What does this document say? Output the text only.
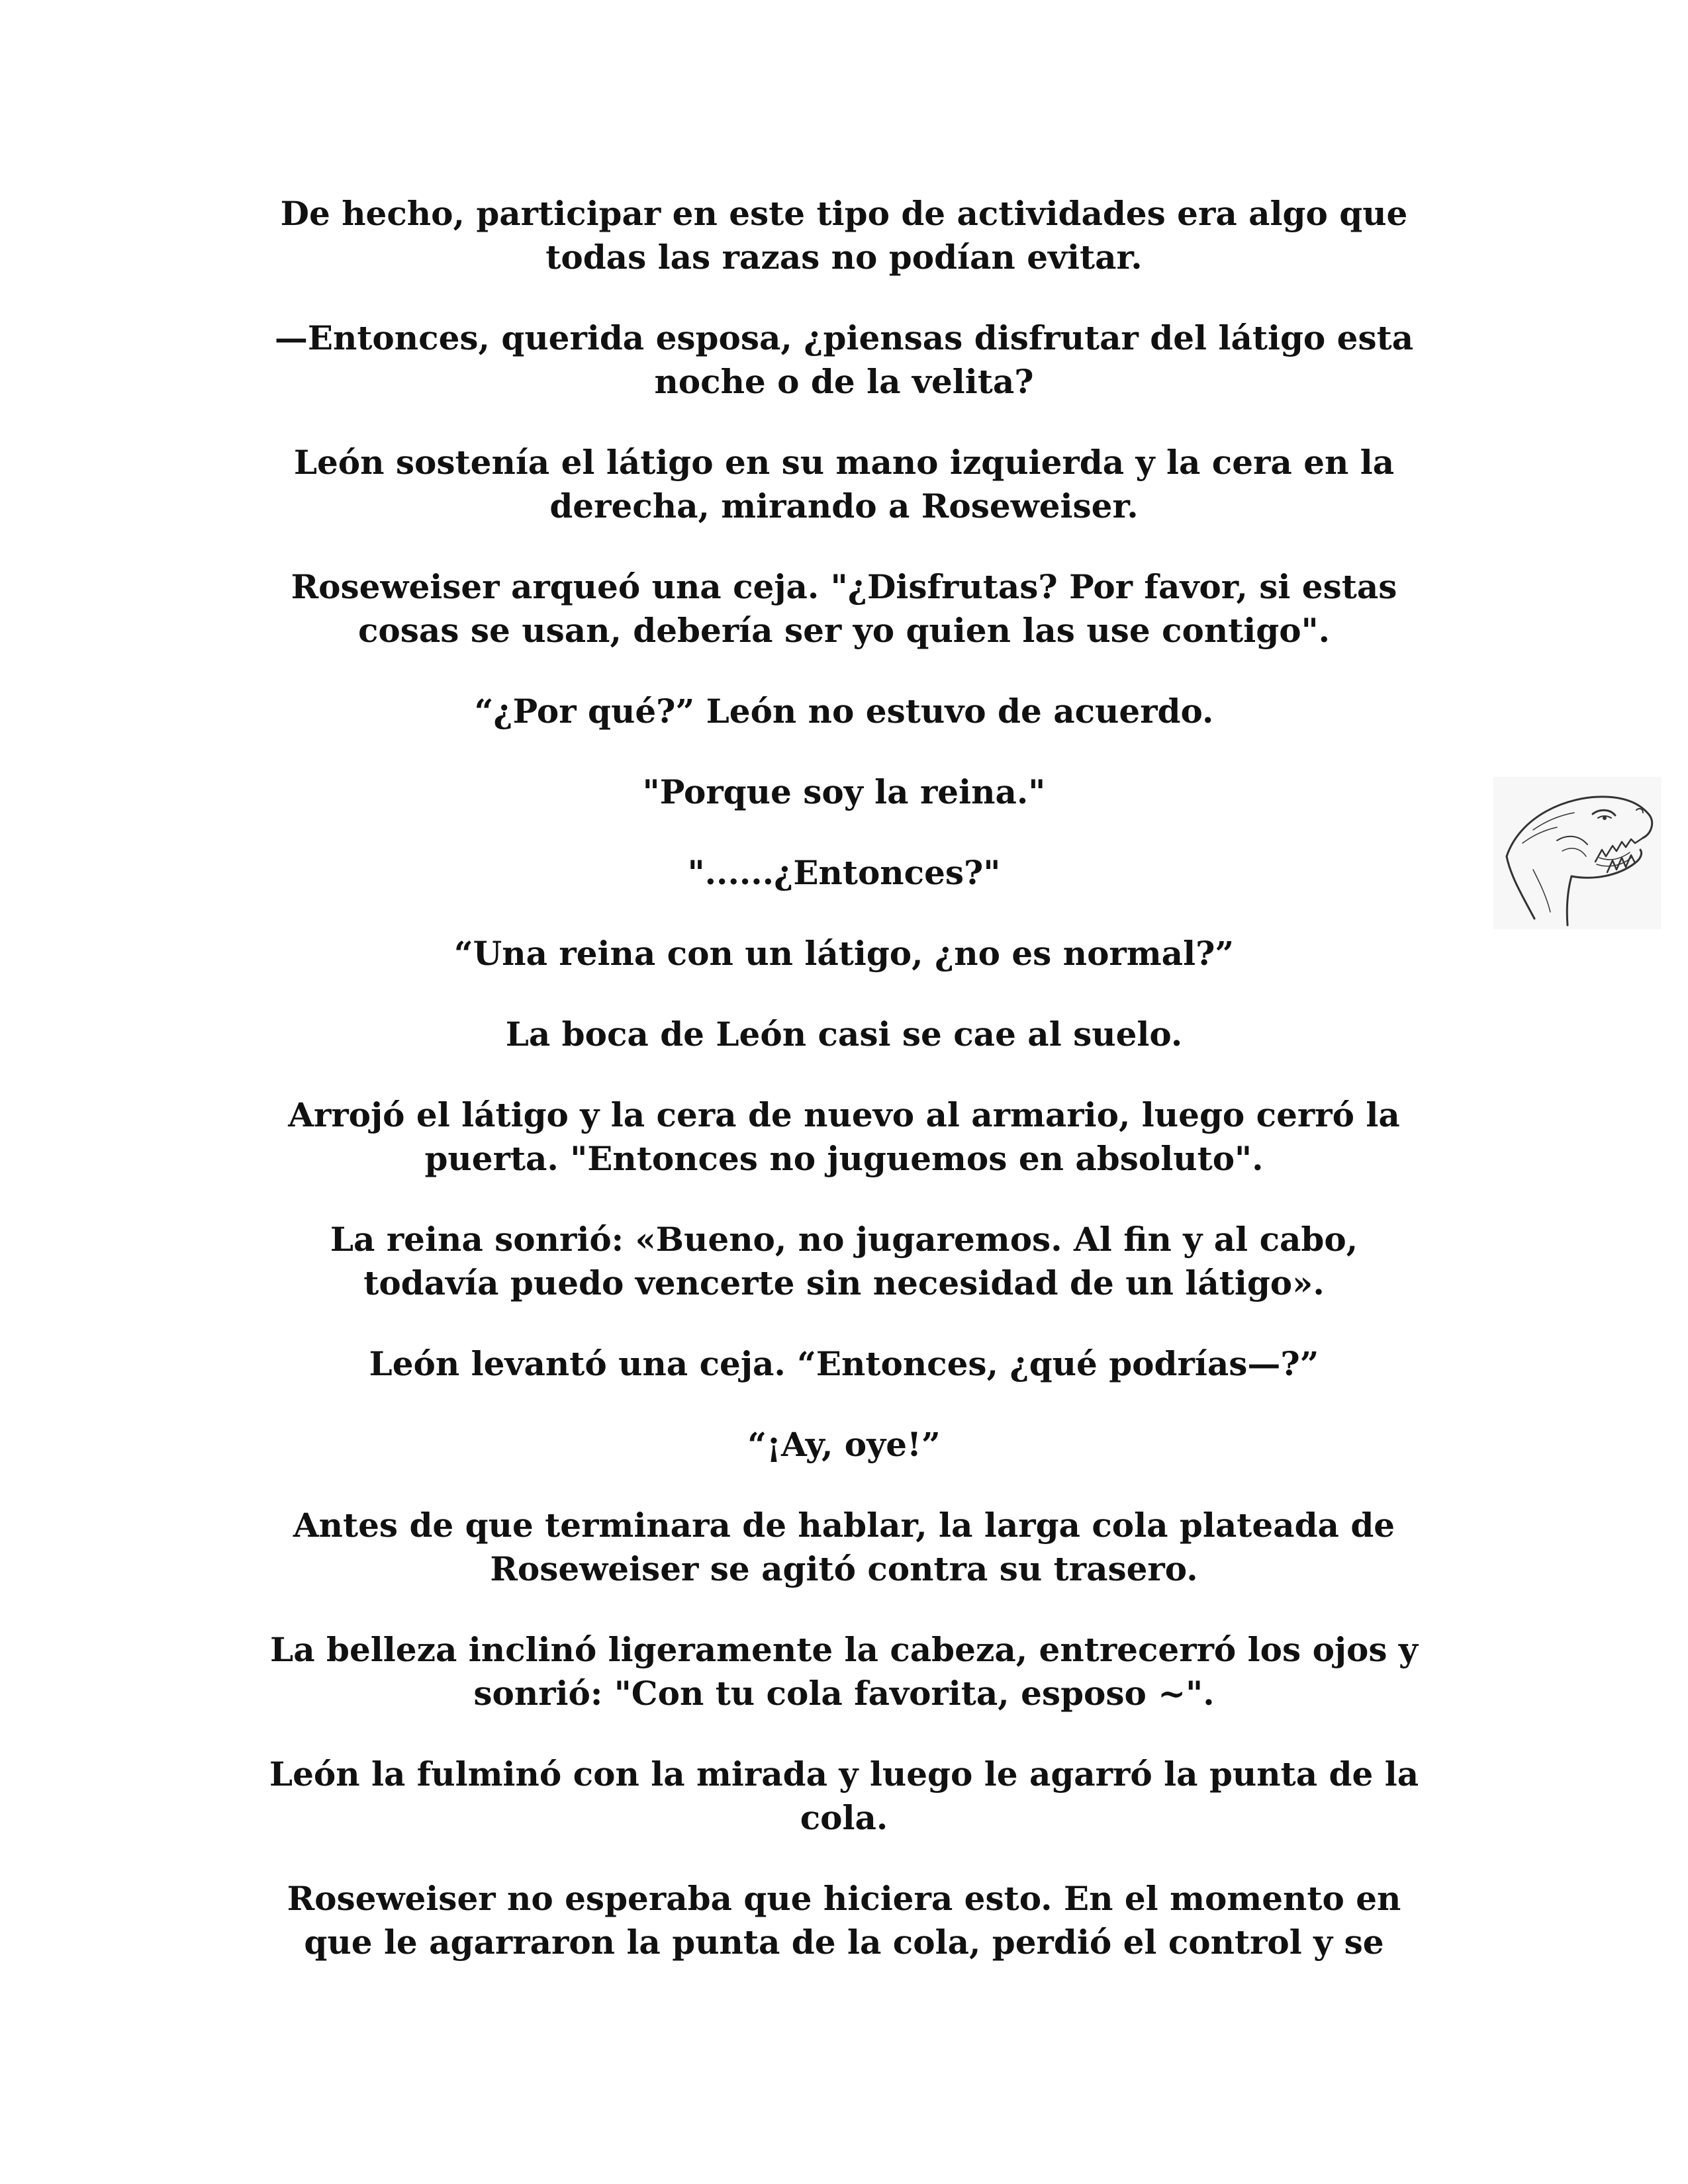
De hecho, participar en este tipo de actividades era algo que
todas las razas no podían evitar.

—Entonces, querida esposa, ¿piensas disfrutar del látigo esta
noche o de la velita?

León sostenía el látigo en su mano izquierda y la cera en la
derecha, mirando a Roseweiser.

Roseweiser arqueó una ceja. "¿Disfrutas? Por favor, si estas
cosas se usan, debería ser yo quien las use contigo".

“¿Por qué?” León no estuvo de acuerdo.

"Porque soy la reina."

"......¿Entonces?"

“Una reina con un látigo, ¿no es normal?”

La boca de León casi se cae al suelo.

Arrojó el látigo y la cera de nuevo al armario, luego cerró la
puerta. "Entonces no juguemos en absoluto".

La reina sonrió: «Bueno, no jugaremos. Al fin y al cabo,
todavía puedo vencerte sin necesidad de un látigo».

León levantó una ceja. “Entonces, ¿qué podrías—?”

“¡Ay, oye!”

Antes de que terminara de hablar, la larga cola plateada de
Roseweiser se agitó contra su trasero.

La belleza inclinó ligeramente la cabeza, entrecerró los ojos y
sonrió: "Con tu cola favorita, esposo ~".

León la fulminó con la mirada y luego le agarró la punta de la
cola.

Roseweiser no esperaba que hiciera esto. En el momento en
que le agarraron la punta de la cola, perdió el control y se
